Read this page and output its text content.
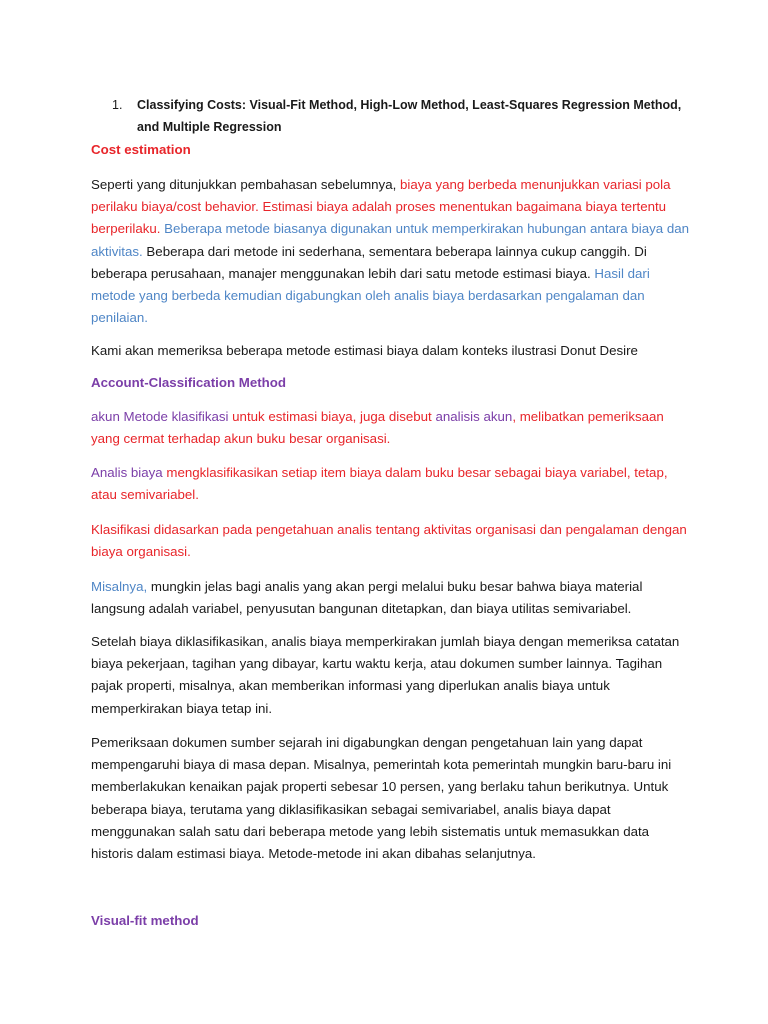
1. Classifying Costs: Visual-Fit Method, High-Low Method, Least-Squares Regression Method, and Multiple Regression
Cost estimation

Seperti yang ditunjukkan pembahasan sebelumnya, biaya yang berbeda menunjukkan variasi pola perilaku biaya/cost behavior. Estimasi biaya adalah proses menentukan bagaimana biaya tertentu berperilaku. Beberapa metode biasanya digunakan untuk memperkirakan hubungan antara biaya dan aktivitas. Beberapa dari metode ini sederhana, sementara beberapa lainnya cukup canggih. Di beberapa perusahaan, manajer menggunakan lebih dari satu metode estimasi biaya. Hasil dari metode yang berbeda kemudian digabungkan oleh analis biaya berdasarkan pengalaman dan penilaian.

Kami akan memeriksa beberapa metode estimasi biaya dalam konteks ilustrasi Donut Desire

Account-Classification Method

akun Metode klasifikasi untuk estimasi biaya, juga disebut analisis akun, melibatkan pemeriksaan yang cermat terhadap akun buku besar organisasi.

Analis biaya mengklasifikasikan setiap item biaya dalam buku besar sebagai biaya variabel, tetap, atau semivariabel.

Klasifikasi didasarkan pada pengetahuan analis tentang aktivitas organisasi dan pengalaman dengan biaya organisasi.

Misalnya, mungkin jelas bagi analis yang akan pergi melalui buku besar bahwa biaya material langsung adalah variabel, penyusutan bangunan ditetapkan, dan biaya utilitas semivariabel.

Setelah biaya diklasifikasikan, analis biaya memperkirakan jumlah biaya dengan memeriksa catatan biaya pekerjaan, tagihan yang dibayar, kartu waktu kerja, atau dokumen sumber lainnya. Tagihan pajak properti, misalnya, akan memberikan informasi yang diperlukan analis biaya untuk memperkirakan biaya tetap ini.

Pemeriksaan dokumen sumber sejarah ini digabungkan dengan pengetahuan lain yang dapat mempengaruhi biaya di masa depan. Misalnya, pemerintah kota pemerintah mungkin baru-baru ini memberlakukan kenaikan pajak properti sebesar 10 persen, yang berlaku tahun berikutnya. Untuk beberapa biaya, terutama yang diklasifikasikan sebagai semivariabel, analis biaya dapat menggunakan salah satu dari beberapa metode yang lebih sistematis untuk memasukkan data historis dalam estimasi biaya. Metode-metode ini akan dibahas selanjutnya.

Visual-fit method
